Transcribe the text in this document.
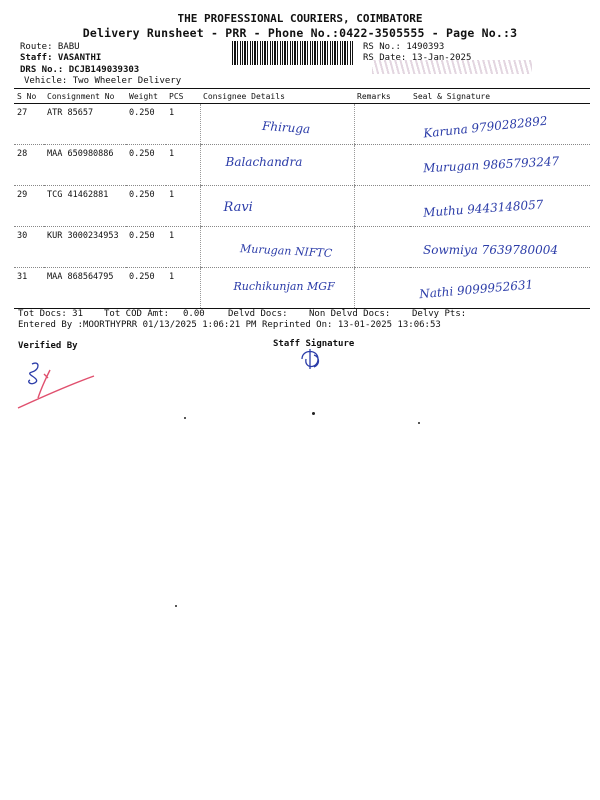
THE PROFESSIONAL COURIERS, COIMBATORE
Delivery Runsheet - PRR - Phone No.:0422-3505555 - Page No.:3
Route: BABU
Staff: VASANTHI
DRS No.: DCJB149039303
Vehicle: Two Wheeler Delivery
RS No.: 1490393
RS Date: 13-Jan-2025
S No	Consignment No	Weight	PCS	Consignee Details	Remarks	Seal & Signature
27	ATR 85657	0.250	1	Fhiruga		Karuna 9790282892

28	MAA 650980886	0.250	1	Balachandra		Murugan 9865793247

29	TCG 41462881	0.250	1	Ravi		Muthu 9443148057

30	KUR 3000234953	0.250	1	Murugan NIFTC		Sowmiya 7639780004

31	MAA 868564795	0.250	1	Ruchikunjan MGF		Nathi 9099952631
Tot Docs: 31 Tot COD Amt: 0.00	Delvd Docs: Non Delvd Docs: Delvy Pts:
Entered By :MOORTHYPRR 01/13/2025 1:06:21 PM Reprinted On: 13-01-2025 13:06:53
Verified By	Staff Signature
